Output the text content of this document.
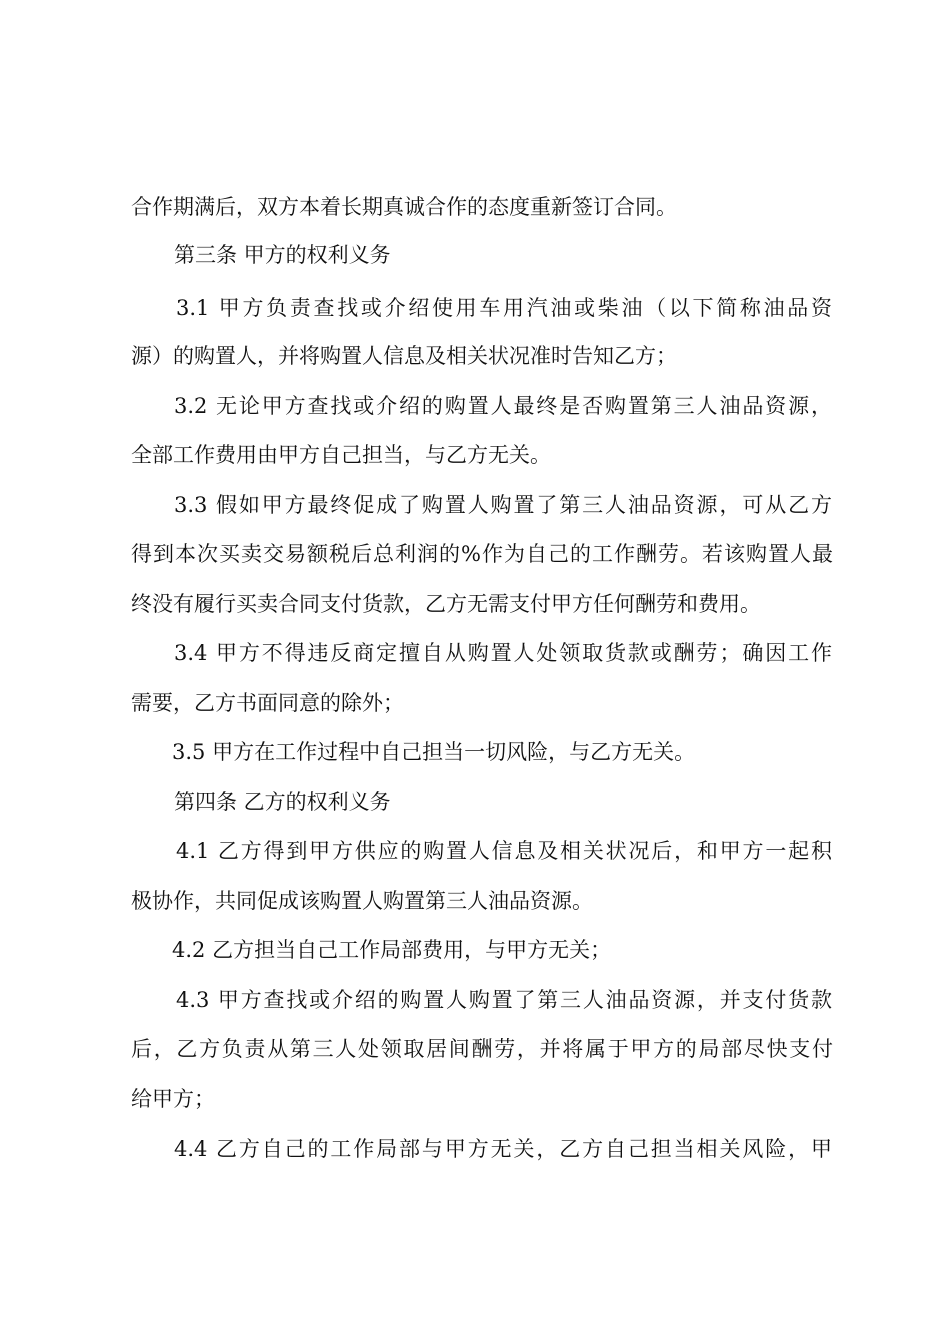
合作期满后，双方本着长期真诚合作的态度重新签订合同。
第三条 甲方的权利义务
3.1 甲方负责查找或介绍使用车用汽油或柴油（以下简称油品资
源）的购置人，并将购置人信息及相关状况准时告知乙方；
3.2 无论甲方查找或介绍的购置人最终是否购置第三人油品资源，
全部工作费用由甲方自己担当，与乙方无关。
3.3 假如甲方最终促成了购置人购置了第三人油品资源，可从乙方
得到本次买卖交易额税后总利润的%作为自己的工作酬劳。若该购置人最
终没有履行买卖合同支付货款，乙方无需支付甲方任何酬劳和费用。
3.4 甲方不得违反商定擅自从购置人处领取货款或酬劳；确因工作
需要，乙方书面同意的除外；
3.5 甲方在工作过程中自己担当一切风险，与乙方无关。
第四条 乙方的权利义务
4.1 乙方得到甲方供应的购置人信息及相关状况后，和甲方一起积
极协作，共同促成该购置人购置第三人油品资源。
4.2 乙方担当自己工作局部费用，与甲方无关；
4.3 甲方查找或介绍的购置人购置了第三人油品资源，并支付货款
后，乙方负责从第三人处领取居间酬劳，并将属于甲方的局部尽快支付
给甲方；
4.4 乙方自己的工作局部与甲方无关，乙方自己担当相关风险，甲
